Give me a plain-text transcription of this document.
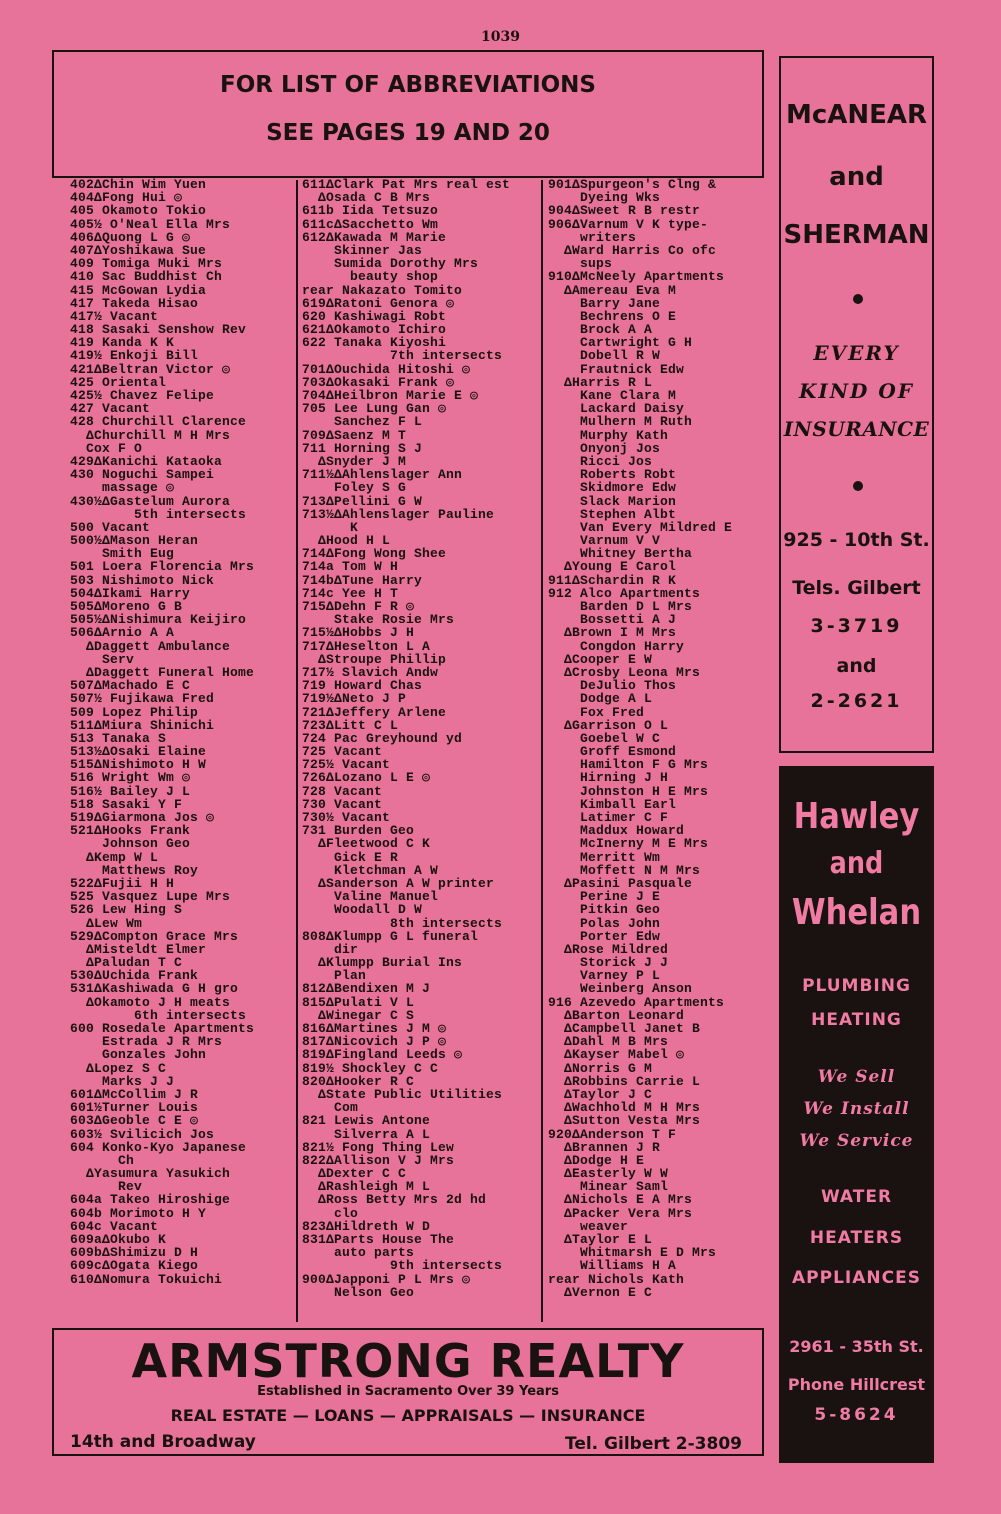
1039
FOR LIST OF ABBREVIATIONS
SEE PAGES 19 AND 20
402ΔChin Wim Yuen
404ΔFong Hui ◎
405 Okamoto Tokio
405½ O'Neal Ella Mrs
406ΔQuong L G ◎
407ΔYoshikawa Sue
409 Tomiga Muki Mrs
410 Sac Buddhist Ch
415 McGowan Lydia
417 Takeda Hisao
417½ Vacant
418 Sasaki Senshow Rev
419 Kanda K K
419½ Enkoji Bill
421ΔBeltran Victor ◎
425 Oriental
425½ Chavez Felipe
427 Vacant
428 Churchill Clarence
ΔChurchill M H Mrs
Cox F O
429ΔKanichi Kataoka
430 Noguchi Sampei
massage ◎
430½ΔGastelum Aurora
5th intersects
500 Vacant
500½ΔMason Heran
Smith Eug
501 Loera Florencia Mrs
503 Nishimoto Nick
504ΔIkami Harry
505ΔMoreno G B
505½ΔNishimura Keijiro
506ΔArnio A A
ΔDaggett Ambulance
Serv
ΔDaggett Funeral Home
507ΔMachado E C
507½ Fujikawa Fred
509 Lopez Philip
511ΔMiura Shinichi
513 Tanaka S
513½ΔOsaki Elaine
515ΔNishimoto H W
516 Wright Wm ◎
516½ Bailey J L
518 Sasaki Y F
519ΔGiarmona Jos ◎
521ΔHooks Frank
Johnson Geo
ΔKemp W L
Matthews Roy
522ΔFujii H H
525 Vasquez Lupe Mrs
526 Lew Hing S
ΔLew Wm
529ΔCompton Grace Mrs
ΔMisteldt Elmer
ΔPaludan T C
530ΔUchida Frank
531ΔKashiwada G H gro
ΔOkamoto J H meats
6th intersects
600 Rosedale Apartments
Estrada J R Mrs
Gonzales John
ΔLopez S C
Marks J J
601ΔMcCollim J R
601½Turner Louis
603ΔGeoble C E ◎
603½ Svilicich Jos
604 Konko-Kyo Japanese
Ch
ΔYasumura Yasukich
Rev
604a Takeo Hiroshige
604b Morimoto H Y
604c Vacant
609aΔOkubo K
609bΔShimizu D H
609cΔOgata Kiego
610ΔNomura Tokuichi
611ΔClark Pat Mrs real est
ΔOsada C B Mrs
611b Iida Tetsuzo
611cΔSacchetto Wm
612ΔKawada M Marie
Skinner Jas
Sumida Dorothy Mrs
beauty shop
rear Nakazato Tomito
619ΔRatoni Genora ◎
620 Kashiwagi Robt
621ΔOkamoto Ichiro
622 Tanaka Kiyoshi
7th intersects
701ΔOuchida Hitoshi ◎
703ΔOkasaki Frank ◎
704ΔHeilbron Marie E ◎
705 Lee Lung Gan ◎
Sanchez F L
709ΔSaenz M T
711 Horning S J
ΔSnyder J M
711½ΔAhlenslager Ann
Foley S G
713ΔPellini G W
713½ΔAhlenslager Pauline
K
ΔHood H L
714ΔFong Wong Shee
714a Tom W H
714bΔTune Harry
714c Yee H T
715ΔDehn F R ◎
Stake Rosie Mrs
715½ΔHobbs J H
717ΔHeselton L A
ΔStroupe Phillip
717½ Slavich Andw
719 Howard Chas
719½ΔNeto J P
721ΔJeffery Arlene
723ΔLitt C L
724 Pac Greyhound yd
725 Vacant
725½ Vacant
726ΔLozano L E ◎
728 Vacant
730 Vacant
730½ Vacant
731 Burden Geo
ΔFleetwood C K
Gick E R
Kletchman A W
ΔSanderson A W printer
Valine Manuel
Woodall D W
8th intersects
808ΔKlumpp G L funeral
dir
ΔKlumpp Burial Ins
Plan
812ΔBendixen M J
815ΔPulati V L
ΔWinegar C S
816ΔMartines J M ◎
817ΔNicovich J P ◎
819ΔFingland Leeds ◎
819½ Shockley C C
820ΔHooker R C
ΔState Public Utilities
Com
821 Lewis Antone
Silverra A L
821½ Fong Thing Lew
822ΔAllison V J Mrs
ΔDexter C C
ΔRashleigh M L
ΔRoss Betty Mrs 2d hd
clo
823ΔHildreth W D
831ΔParts House The
auto parts
9th intersects
900ΔJapponi P L Mrs ◎
Nelson Geo
901ΔSpurgeon's Clng &
Dyeing Wks
904ΔSweet R B restr
906ΔVarnum V K type-
writers
ΔWard Harris Co ofc
sups
910ΔMcNeely Apartments
ΔAmereau Eva M
Barry Jane
Bechrens O E
Brock A A
Cartwright G H
Dobell R W
Frautnick Edw
ΔHarris R L
Kane Clara M
Lackard Daisy
Mulhern M Ruth
Murphy Kath
Onyonj Jos
Ricci Jos
Roberts Robt
Skidmore Edw
Slack Marion
Stephen Albt
Van Every Mildred E
Varnum V V
Whitney Bertha
ΔYoung E Carol
911ΔSchardin R K
912 Alco Apartments
Barden D L Mrs
Bossetti A J
ΔBrown I M Mrs
Congdon Harry
ΔCooper E W
ΔCrosby Leona Mrs
DeJulio Thos
Dodge A L
Fox Fred
ΔGarrison O L
Goebel W C
Groff Esmond
Hamilton F G Mrs
Hirning J H
Johnston H E Mrs
Kimball Earl
Latimer C F
Maddux Howard
McInerny M E Mrs
Merritt Wm
Moffett N M Mrs
ΔPasini Pasquale
Perine J E
Pitkin Geo
Polas John
Porter Edw
ΔRose Mildred
Storick J J
Varney P L
Weinberg Anson
916 Azevedo Apartments
ΔBarton Leonard
ΔCampbell Janet B
ΔDahl M B Mrs
ΔKayser Mabel ◎
ΔNorris G M
ΔRobbins Carrie L
ΔTaylor J C
ΔWachhold M H Mrs
ΔSutton Vesta Mrs
920ΔAnderson T F
ΔBrannen J R
ΔDodge H E
ΔEasterly W W
Minear Saml
ΔNichols E A Mrs
ΔPacker Vera Mrs
weaver
ΔTaylor E L
Whitmarsh E D Mrs
Williams H A
rear Nichols Kath
ΔVernon E C
ARMSTRONG REALTY
Established in Sacramento Over 39 Years
REAL ESTATE — LOANS — APPRAISALS — INSURANCE
14th and Broadway	Tel. Gilbert 2-3809
McANEAR
and
SHERMAN
EVERY
KIND OF
INSURANCE
925 - 10th St.
Tels. Gilbert
3-3719
and
2-2621
Hawley
and
Whelan
PLUMBING
HEATING
We Sell
We Install
We Service
WATER
HEATERS
APPLIANCES
2961 - 35th St.
Phone Hillcrest
5-8624
